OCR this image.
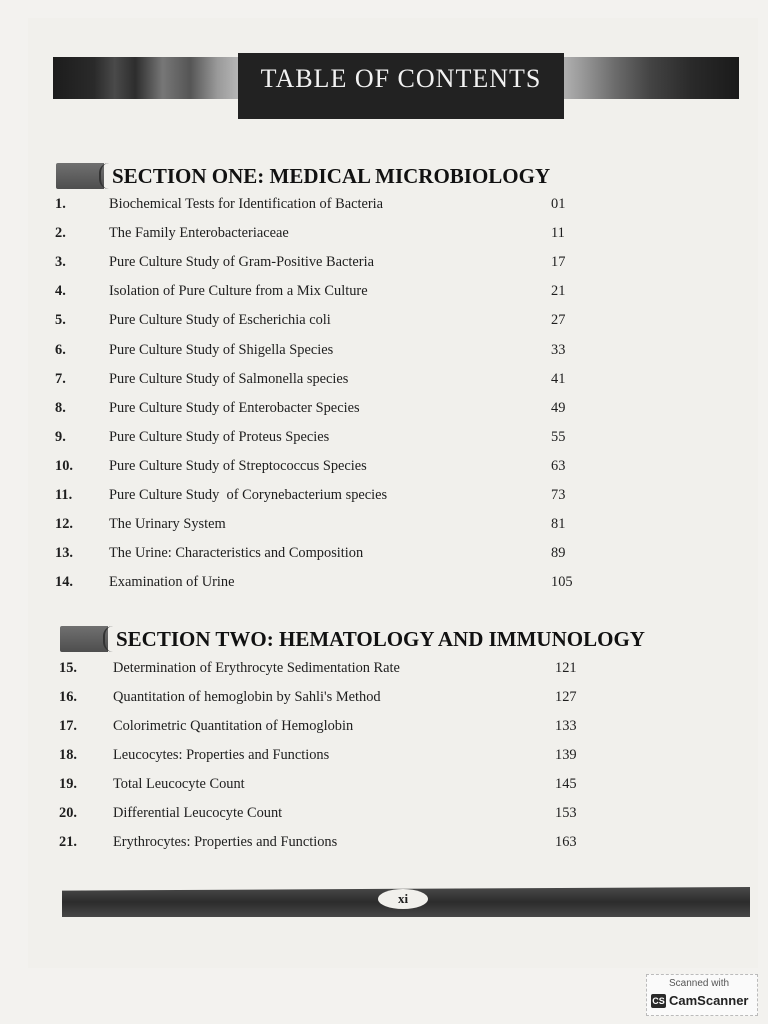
TABLE OF CONTENTS
SECTION ONE: MEDICAL MICROBIOLOGY
1.	Biochemical Tests for Identification of Bacteria	01
2.	The Family Enterobacteriaceae	11
3.	Pure Culture Study of Gram-Positive Bacteria	17
4.	Isolation of Pure Culture from a Mix Culture	21
5.	Pure Culture Study of Escherichia coli	27
6.	Pure Culture Study of Shigella Species	33
7.	Pure Culture Study of Salmonella species	41
8.	Pure Culture Study of Enterobacter Species	49
9.	Pure Culture Study of Proteus Species	55
10.	Pure Culture Study of Streptococcus Species	63
11.	Pure Culture Study  of Corynebacterium species	73
12.	The Urinary System	81
13.	The Urine: Characteristics and Composition	89
14.	Examination of Urine	105
SECTION TWO: HEMATOLOGY AND IMMUNOLOGY
15.	Determination of Erythrocyte Sedimentation Rate	121
16.	Quantitation of hemoglobin by Sahli's Method	127
17.	Colorimetric Quantitation of Hemoglobin	133
18.	Leucocytes: Properties and Functions	139
19.	Total Leucocyte Count	145
20.	Differential Leucocyte Count	153
21.	Erythrocytes: Properties and Functions	163
xi
Scanned with
CS CamScanner
